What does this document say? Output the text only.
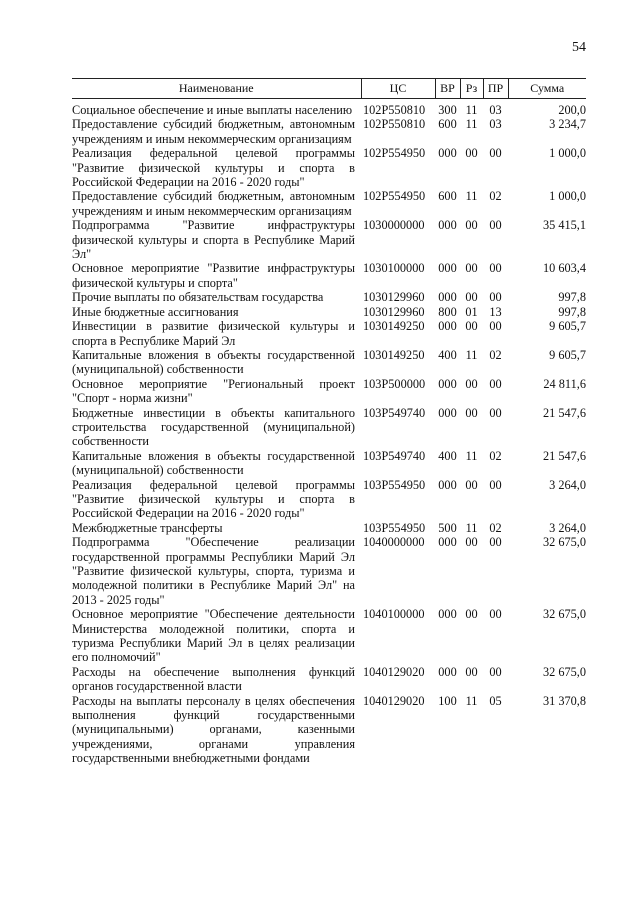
54
Наименование	ЦС	ВР	Рз	ПР	Сумма
Социальное обеспечение и иные выплаты населению	102P550810	300	11	03	200,0
Предоставление субсидий бюджетным, автономным учреждениям и иным некоммерческим организациям	102P550810	600	11	03	3 234,7
Реализация федеральной целевой программы "Развитие физической культуры и спорта в Российской Федерации на 2016 - 2020 годы"	102P554950	000	00	00	1 000,0
Предоставление субсидий бюджетным, автономным учреждениям и иным некоммерческим организациям	102P554950	600	11	02	1 000,0
Подпрограмма "Развитие инфраструктуры физической культуры и спорта в Республике Марий Эл"	1030000000	000	00	00	35 415,1
Основное мероприятие "Развитие инфраструктуры физической культуры и спорта"	1030100000	000	00	00	10 603,4
Прочие выплаты по обязательствам государства	1030129960	000	00	00	997,8
Иные бюджетные ассигнования	1030129960	800	01	13	997,8
Инвестиции в развитие физической культуры и спорта в Республике Марий Эл	1030149250	000	00	00	9 605,7
Капитальные вложения в объекты государственной (муниципальной) собственности	1030149250	400	11	02	9 605,7
Основное мероприятие "Региональный проект "Спорт - норма жизни"	103P500000	000	00	00	24 811,6
Бюджетные инвестиции в объекты капитального строительства государственной (муниципальной) собственности	103P549740	000	00	00	21 547,6
Капитальные вложения в объекты государственной (муниципальной) собственности	103P549740	400	11	02	21 547,6
Реализация федеральной целевой программы "Развитие физической культуры и спорта в Российской Федерации на 2016 - 2020 годы"	103P554950	000	00	00	3 264,0
Межбюджетные трансферты	103P554950	500	11	02	3 264,0
Подпрограмма "Обеспечение реализации государственной программы Республики Марий Эл "Развитие физической культуры, спорта, туризма и молодежной политики в Республике Марий Эл" на 2013 - 2025 годы"	1040000000	000	00	00	32 675,0
Основное мероприятие "Обеспечение деятельности Министерства молодежной политики, спорта и туризма Республики Марий Эл в целях реализации его полномочий"	1040100000	000	00	00	32 675,0
Расходы на обеспечение выполнения функций органов государственной власти	1040129020	000	00	00	32 675,0
Расходы на выплаты персоналу в целях обеспечения выполнения функций государственными (муниципальными) органами, казенными учреждениями, органами управления государственными внебюджетными фондами	1040129020	100	11	05	31 370,8
